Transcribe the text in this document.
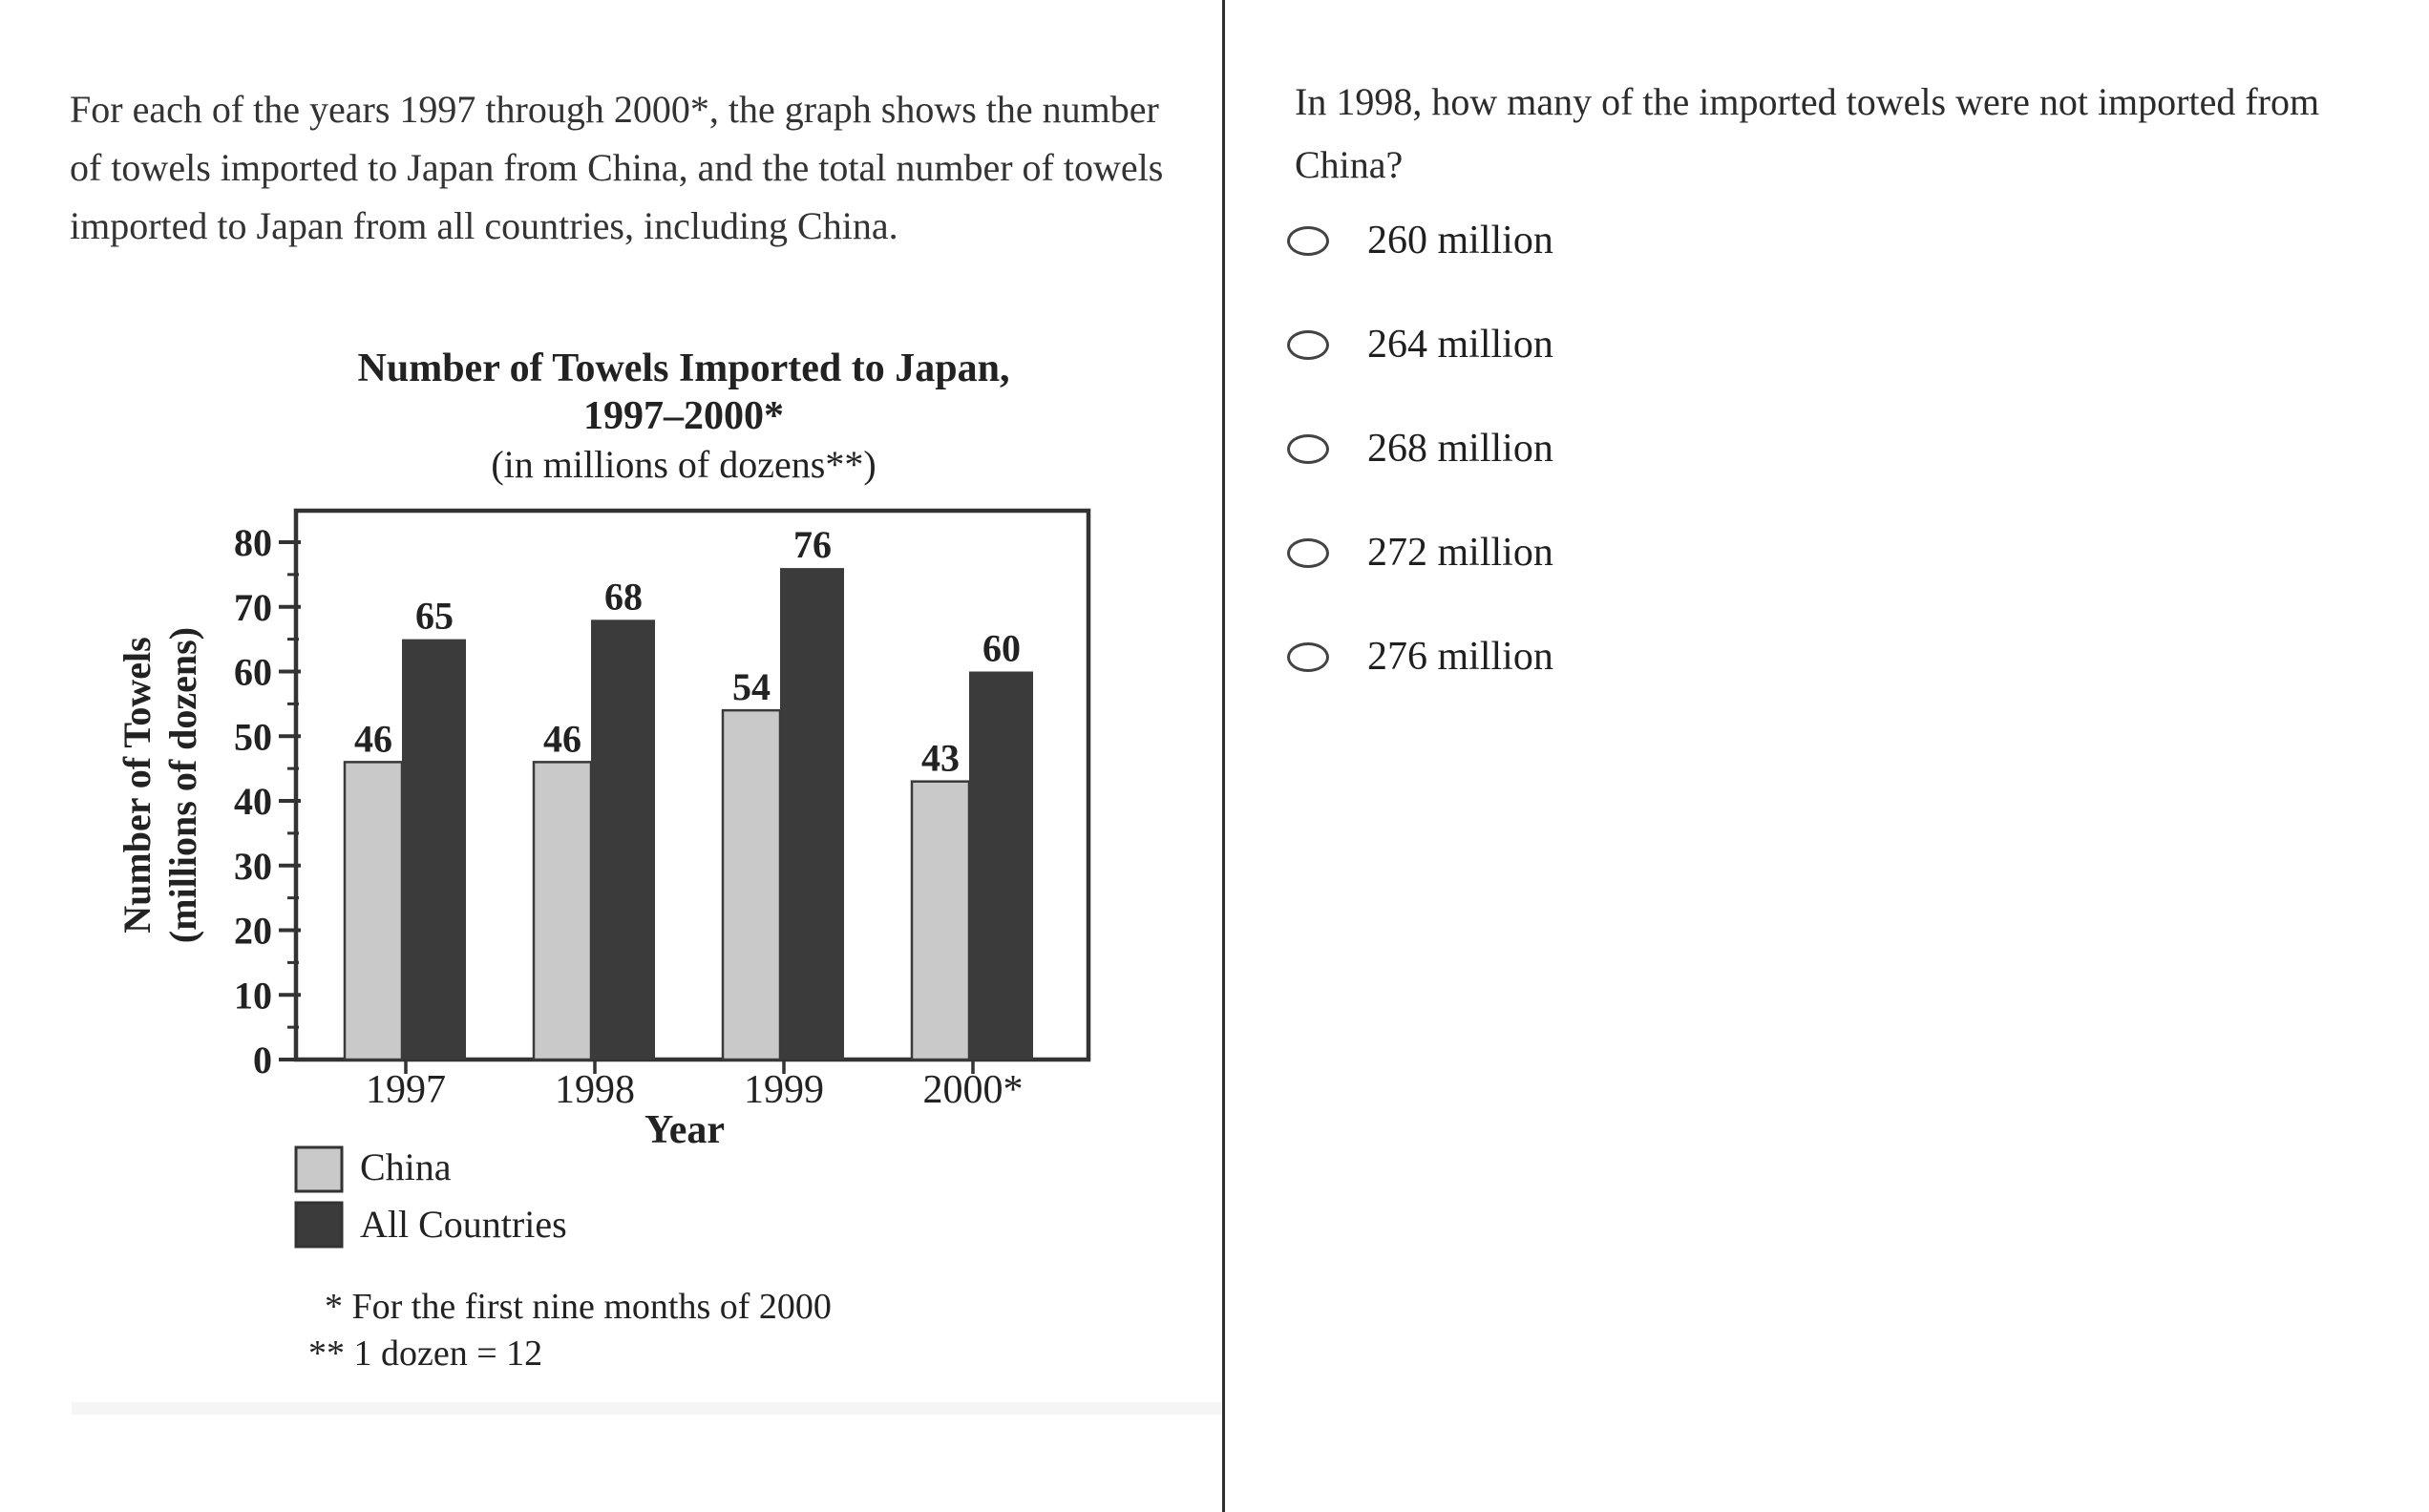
For each of the years 1997 through 2000*, the graph shows the number of towels imported to Japan from China, and the total number of towels imported to Japan from all countries, including China.

Number of Towels Imported to Japan,
1997–2000*
(in millions of dozens**)
0
10
20
30
40
50
60
70
80
46
65
1997
46
68
1998
54
76
1999
43
60
2000*
Year
Number of Towels (millions of dozens)
China
All Countries
* For the first nine months of 2000
** 1 dozen = 12

In 1998, how many of the imported towels were not imported from China?

260 million
264 million
268 million
272 million
276 million
